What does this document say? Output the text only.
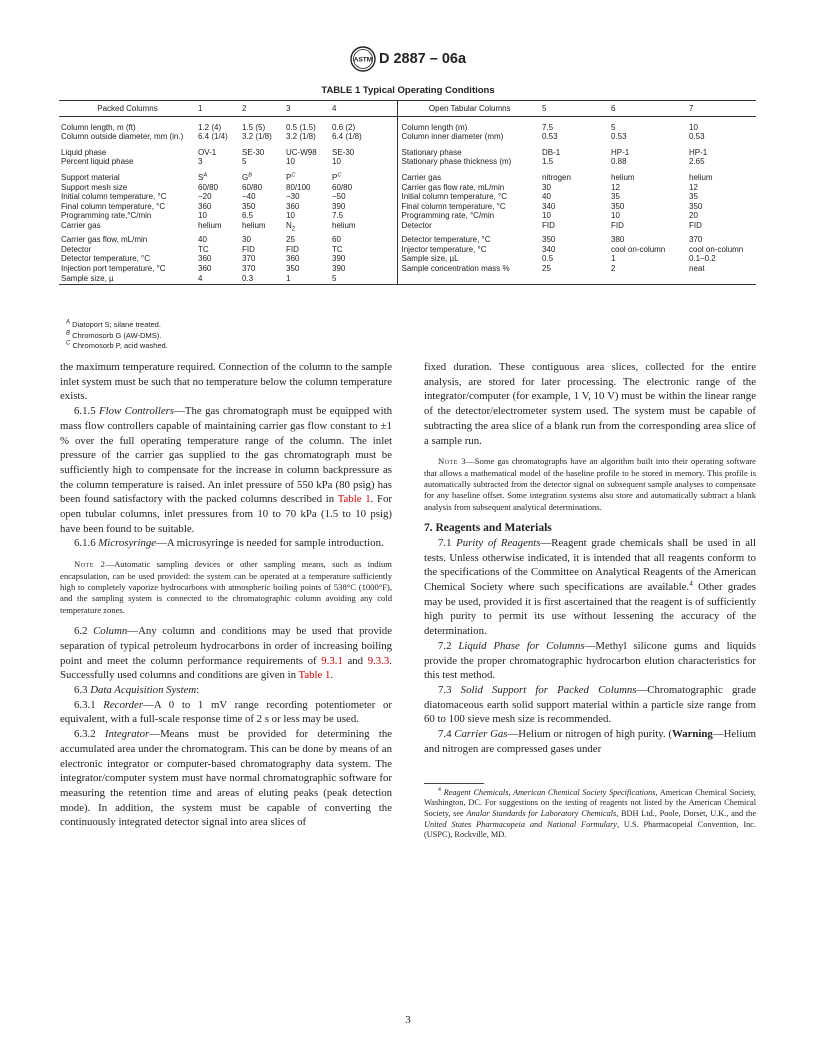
ASTM D 2887 – 06a
TABLE 1 Typical Operating Conditions
Packed Columns	1	2	3	4	Open Tabular Columns	5	6	7
Column length, m (ft)	1.2 (4)	1.5 (5)	0.5 (1.5)	0.6 (2)	Column length (m)	7.5	5	10
Column outside diameter, mm (in.)	6.4 (1/4)	3.2 (1/8)	3.2 (1/8)	6.4 (1/8)	Column inner diameter (mm)	0.53	0.53	0.53
Liquid phase	OV-1	SE-30	UC-W98	SE-30	Stationary phase	DB-1	HP-1	HP-1
Percent liquid phase	3	5	10	10	Stationary phase thickness (m)	1.5	0.88	2.65
Support material	$S^A$	$G^B$	$P^C$	$P^C$	Carrier gas	nitrogen	helium	helium
Support mesh size	60/80	60/80	80/100	60/80	Carrier gas flow rate, mL/min	30	12	12
Initial column temperature, °C	−20	−40	−30	−50	Initial column temperature, °C	40	35	35
Final column temperature, °C	360	350	360	390	Final column temperature, °C	340	350	350
Programming rate,°C/min	10	6.5	10	7.5	Programming rate, °C/min	10	10	20
Carrier gas	helium	helium	$N_2$	helium	Detector	FID	FID	FID
Carrier gas flow, mL/min	40	30	25	60	Detector temperature, °C	350	380	370
Detector	TC	FID	FID	TC	Injector temperature, °C	340	cool on-column	cool on-column
Detector temperature, °C	360	370	360	390	Sample size, µL	0.5	1	0.1–0.2
Injection port temperature, °C	360	370	350	390	Sample concentration mass %	25	2	neat
Sample size, µ	4	0.3	1	5				
$^A$ Diatoport S; silane treated.
$^B$ Chromosorb G (AW-DMS).
$^C$ Chromosorb P, acid washed.

the maximum temperature required. Connection of the column to the sample inlet system must be such that no temperature below the column temperature exists.

6.1.5 Flow Controllers—The gas chromatograph must be equipped with mass flow controllers capable of maintaining carrier gas flow constant to ±1 % over the full operating temperature range of the column. The inlet pressure of the carrier gas supplied to the gas chromatograph must be sufficiently high to compensate for the increase in column backpressure as the column temperature is raised. An inlet pressure of 550 kPa (80 psig) has been found satisfactory with the packed columns described in Table 1. For open tubular columns, inlet pressures from 10 to 70 kPa (1.5 to 10 psig) have been found to be suitable.

6.1.6 Microsyringe—A microsyringe is needed for sample introduction.

Note 2—Automatic sampling devices or other sampling means, such as indium encapsulation, can be used provided: the system can be operated at a temperature sufficiently high to completely vaporize hydrocarbons with atmospheric boiling points of 538°C (1000°F), and the sampling system is connected to the chromatographic column avoiding any cold temperature zones.

6.2 Column—Any column and conditions may be used that provide separation of typical petroleum hydrocarbons in order of increasing boiling point and meet the column performance requirements of 9.3.1 and 9.3.3. Successfully used columns and conditions are given in Table 1.

6.3 Data Acquisition System:

6.3.1 Recorder—A 0 to 1 mV range recording potentiometer or equivalent, with a full-scale response time of 2 s or less may be used.

6.3.2 Integrator—Means must be provided for determining the accumulated area under the chromatogram. This can be done by means of an electronic integrator or computer-based chromatography data system. The integrator/computer system must have normal chromatographic software for measuring the retention time and areas of eluting peaks (peak detection mode). In addition, the system must be capable of converting the continuously integrated detector signal into area slices of

fixed duration. These contiguous area slices, collected for the entire analysis, are stored for later processing. The electronic range of the integrator/computer (for example, 1 V, 10 V) must be within the linear range of the detector/electrometer system used. The system must be capable of subtracting the area slice of a blank run from the corresponding area slice of a sample run.

Note 3—Some gas chromatographs have an algorithm built into their operating software that allows a mathematical model of the baseline profile to be stored in memory. This profile is automatically subtracted from the detector signal on subsequent sample analyses to compensate for any baseline offset. Some integration systems also store and automatically subtract a blank analysis from subsequent analytical determinations.

7. Reagents and Materials

7.1 Purity of Reagents—Reagent grade chemicals shall be used in all tests. Unless otherwise indicated, it is intended that all reagents conform to the specifications of the Committee on Analytical Reagents of the American Chemical Society where such specifications are available.$^4$ Other grades may be used, provided it is first ascertained that the reagent is of sufficiently high purity to permit its use without lessening the accuracy of the determination.

7.2 Liquid Phase for Columns—Methyl silicone gums and liquids provide the proper chromatographic hydrocarbon elution characteristics for this test method.

7.3 Solid Support for Packed Columns—Chromatographic grade diatomaceous earth solid support material within a particle size range from 60 to 100 sieve mesh size is recommended.

7.4 Carrier Gas—Helium or nitrogen of high purity. (Warning—Helium and nitrogen are compressed gases under

$^4$ Reagent Chemicals, American Chemical Society Specifications, American Chemical Society, Washington, DC. For suggestions on the testing of reagents not listed by the American Chemical Society, see Analar Standards for Laboratory Chemicals, BDH Ltd., Poole, Dorset, U.K., and the United States Pharmacopeia and National Formulary, U.S. Pharmacopeial Convention, Inc. (USPC), Rockville, MD.

3
